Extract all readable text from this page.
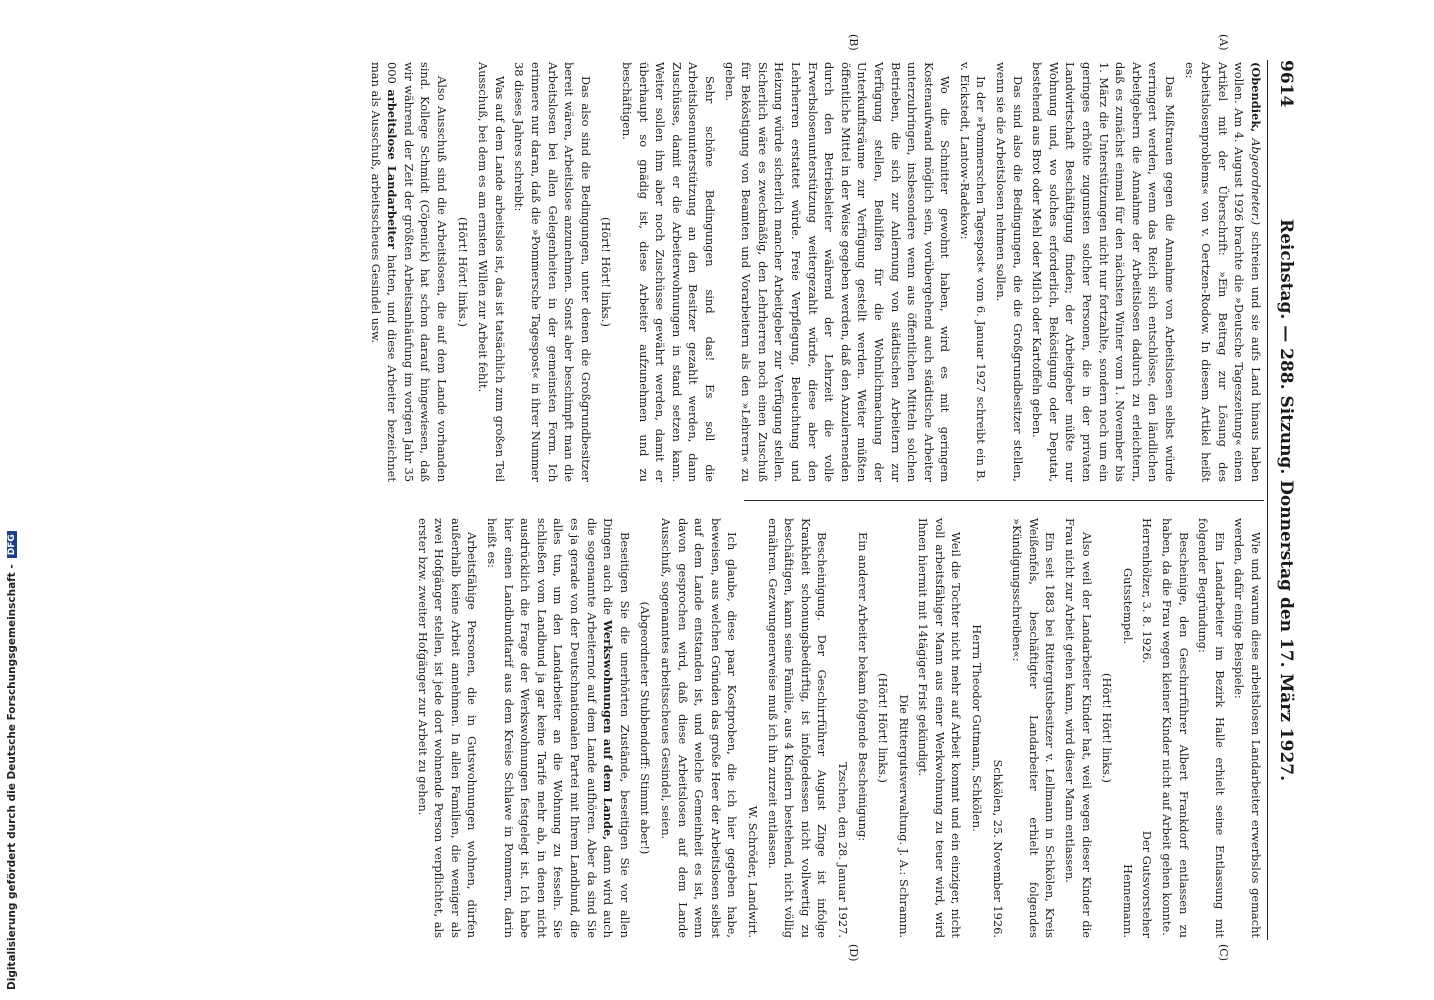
9614
Reichstag. — 288. Sitzung. Donnerstag den 17. März 1927.
(A)
(B)
(C)
(D)

(Obendiek, Abgeordneter.) schreien und sie aufs Land hinaus haben wollen. Am 4. August 1926 brachte die »Deutsche Tageszeitung« einen Artikel mit der Überschrift: »Ein Beitrag zur Lösung des Arbeitslosenproblems« von v. Oertzen-Rodow. In diesem Artikel heißt es:

Das Mißtrauen gegen die Annahme von Arbeitslosen selbst würde verringert werden, wenn das Reich sich entschlösse, den ländlichen Arbeitgebern die Annahme der Arbeitslosen dadurch zu erleichtern, daß es zunächst einmal für den nächsten Winter vom 1. November bis 1. März die Unterstützungen nicht nur fortzahlte, sondern noch um ein geringes erhöhte zugunsten solcher Personen, die in der privaten Landwirtschaft Beschäftigung finden; der Arbeitgeber müßte nur Wohnung und, wo solches erforderlich, Beköstigung oder Deputat, bestehend aus Brot oder Mehl oder Milch oder Kartoffeln geben.

Das sind also die Bedingungen, die die Großgrundbesitzer stellen, wenn sie die Arbeitslosen nehmen sollen.

In der »Pommerschen Tagespost« vom 6. Januar 1927 schreibt ein B. v. Eickstedt, Lantow-Radekow:

Wo die Schnitter gewohnt haben, wird es mit geringem Kostenaufwand möglich sein, vorübergehend auch städtische Arbeiter unterzubringen, insbesondere wenn aus öffentlichen Mitteln solchen Betrieben, die sich zur Anlernung von städtischen Arbeitern zur Verfügung stellen, Beihilfen für die Wohnlichmachung der Unterkunftsräume zur Verfügung gestellt werden. Weiter müßten öffentliche Mittel in der Weise gegeben werden, daß den Anzulernenden durch den Betriebsleiter während der Lehrzeit die volle Erwerbslosenunterstützung weitergezahlt würde, diese aber den Lehrherren erstattet würde. Freie Verpflegung, Beleuchtung und Heizung würde sicherlich mancher Arbeitgeber zur Verfügung stellen. Sicherlich wäre es zweckmäßig, den Lehrherren noch einen Zuschuß für Beköstigung von Beamten und Vorarbeitern als den »Lehrern« zu geben.

Sehr schöne Bedingungen sind das! Es soll die Arbeitslosenunterstützung an den Besitzer gezahlt werden, dann Zuschüsse, damit er die Arbeiterwohnungen in stand setzen kann. Weiter sollen ihm aber noch Zuschüsse gewährt werden, damit er überhaupt so gnädig ist, diese Arbeiter aufzunehmen und zu beschäftigen.

(Hört! Hört! links.)

Das also sind die Bedingungen, unter denen die Großgrundbesitzer bereit wären, Arbeitslose anzunehmen. Sonst aber beschimpft man die Arbeitslosen bei allen Gelegenheiten in der gemeinsten Form. Ich erinnere nur daran, daß die »Pommersche Tagespost« in ihrer Nummer 38 dieses Jahres schreibt:

Was auf dem Lande arbeitslos ist, das ist tatsächlich zum großen Teil Ausschuß, bei dem es am ernsten Willen zur Arbeit fehlt.

(Hört! Hört! links.)

Also Ausschuß sind die Arbeitslosen, die auf dem Lande vorhanden sind. Kollege Schmidt (Cöpenick) hat schon darauf hingewiesen, daß wir während der Zeit der größten Arbeitsanhäufung im vorigen Jahr 35 000 arbeitslose Landarbeiter hatten, und diese Arbeiter bezeichnet man als Ausschuß, arbeitsscheues Gesindel usw.

Wie und warum diese arbeitslosen Landarbeiter erwerbslos gemacht werden, dafür einige Beispiele:

Ein Landarbeiter im Bezirk Halle erhielt seine Entlassung mit folgender Begründung:

Bescheinige, den Geschirrführer Albert Frankdorf entlassen zu haben, da die Frau wegen kleiner Kinder nicht auf Arbeit gehen konnte.

Herrenhölzer, 3. 8. 1926.
Der Gutsvorsteher

Gutsstempel.
Hennemann.

(Hört! Hört! links.)

Also weil der Landarbeiter Kinder hat, weil wegen dieser Kinder die Frau nicht zur Arbeit gehen kann, wird dieser Mann entlassen.

Ein seit 1883 bei Rittergutsbesitzer v. Lellmann in Schkölen, Kreis Weißenfels, beschäftigter Landarbeiter erhielt folgendes »Kündigungsschreiben«:

Schkölen, 25. November 1926.

Herrn Theodor Gutmann, Schkölen.

Weil die Tochter nicht mehr auf Arbeit kommt und ein einziger, nicht voll arbeitsfähiger Mann aus einer Werkwohnung zu teuer wird, wird Ihnen hiermit mit 14tägiger Frist gekündigt.

Die Rittergutsverwaltung. J. A.: Schramm.

(Hört! Hört! links.)

Ein anderer Arbeiter bekam folgende Bescheinigung:

Tzschen, den 28. Januar 1927.

Bescheinigung. Der Geschirrführer August Zinge ist infolge Krankheit schonungsbedürftig, ist infolgedessen nicht vollwertig zu beschäftigen, kann seine Familie, aus 4 Kindern bestehend, nicht völlig ernähren. Gezwungenerweise muß ich ihn zurzeit entlassen.

W. Schröder, Landwirt.

Ich glaube, diese paar Kostproben, die ich hier gegeben habe, beweisen, aus welchen Gründen das große Heer der Arbeitslosen selbst auf dem Lande entstanden ist, und welche Gemeinheit es ist, wenn davon gesprochen wird, daß diese Arbeitslosen auf dem Lande Ausschuß, sogenanntes arbeitsscheues Gesindel, seien.

(Abgeordneter Stubbendorff: Stimmt aber!)

Beseitigen Sie die unerhörten Zustände, beseitigen Sie vor allen Dingen auch die Werkswohnungen auf dem Lande, dann wird auch die sogenannte Arbeiternot auf dem Lande aufhören. Aber da sind Sie es ja gerade von der Deutschnationalen Partei mit Ihrem Landbund, die alles tun, um den Landarbeiter an die Wohnung zu fesseln. Sie schließen vom Landbund ja gar keine Tarife mehr ab, in denen nicht ausdrücklich die Frage der Werkswohnungen festgelegt ist. Ich habe hier einen Landbundtarif aus dem Kreise Schlawe in Pommern, darin heißt es:

Arbeitsfähige Personen, die in Gutswohnungen wohnen, dürfen außerhalb keine Arbeit annehmen. In allen Familien, die weniger als zwei Hofgänger stellen, ist jede dort wohnende Person verpflichtet, als erster bzw. zweiter Hofgänger zur Arbeit zu gehen.

Digitalisierung gefördert durch die Deutsche Forschungsgemeinschaft -DFG
